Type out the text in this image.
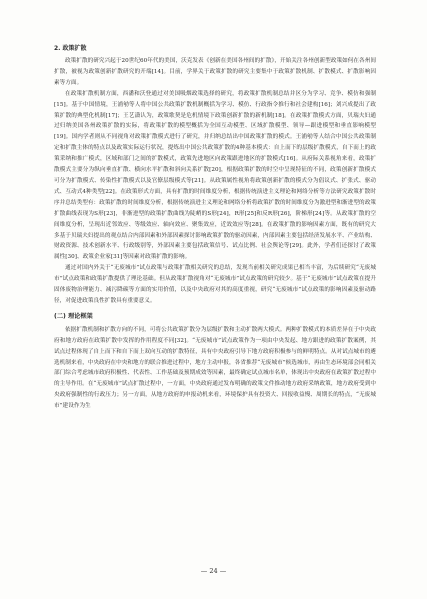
2. 政策扩散

政策扩散的研究兴起于20世纪60年代的美国，沃克发表《创新在美国各州间的扩散》，开始关注各州创新型政策如何在各州间扩散，被视为政策创新扩散研究的开端[14]。目前，学界关于政策扩散的研究主要集中于政策扩散机制、扩散模式、扩散影响因素等方面。

在政策扩散机制方面，西潘和沃登通过对美国吸烟政策选择的研究，将政策扩散机制总结并区分为学习、竞争、模仿和强制[15]。基于中国情境，王浦劬等人将中国公共政策扩散机制概括为学习、模仿、行政指令推行和社会建构[16]；刘兴成提出了政策扩散的典型化机制[17]；王艺潇认为，政策歌契是危机情境下政策创新扩散的新机制[18]。在政策扩散模式方面，贝瑞夫妇通过归纳美国各州政策扩散的实际，将政策扩散的模型概括为全国互动模型、区域扩散模型、领导—跟进模型和垂直影响模型[19]。国内学者则从不同视角对政策扩散模式进行了研究，并归纳总结出中国政策扩散的模式。王浦劬等人结合中国公共政策制定和扩散主体的特点以及政策实际运行状况，提炼出中国公共政策扩散的4种基本模式：自上而下的层级扩散模式，自下而上的政策采纳和推广模式，区域和部门之间的扩散模式，政策先进地区向政策跟进地区的扩散模式[16]。从府际关系视角来看，政策扩散模式主要分为纵向垂直扩散、横向水平扩散和斜向关系扩散[20]，根据政策扩散的时空中呈现特征的不同，政策创新扩散模式可分为扩散模式、传染性扩散模式以及官僚层级模式等[21]。从政策属性视角将政策创新扩散的模式分为倡议式、扩张式、驱动式、互动式4种类型[22]。在政策形式方面，具有扩散的时间维度分析，根据传统演进主义理论和网络分析等方法研究政策扩散时序并总结类型有：政策扩散的时间维度分析，根据传统演进主义理论和网络分析将政策扩散的时间维度分为激进型和渐进型的政策扩散曲线表现为S形[23]，非渐进型的政策扩散曲线为陡峭的S形[24]，R形[25]和反R形[26]，阶梯形[24]等。从政策扩散的空间维度分析，呈现出近邻效应、等级效应、轴向效应、聚集效应，近效效应等[28]。在政策扩散的影响因素方面，既有的研究大多基于贝瑞夫妇提出的观点结合内部因素和外部因素探讨影响政策扩散的驱动因素，内部因素主要包括经济发展水平、产业结构、财政资源、技术创新水平、行政级别等，外部因素主要包括政策信号、试点比例、社会舆论等[29]。此外，学者们还探讨了政策属性[30]、政策企业家[31]等因素对政策扩散的影响。

通过对国内外关于“无废城市”试点政策与政策扩散相关研究的总结，发现当前相关研究成果已相当丰富，为后续研究“无废城市”试点政策和政策扩散提供了理论基础。但从政策扩散视角对“无废城市”试点政策的研究较少。基于“无废城市”试点政策在提升固体废物治理能力、减污降碳等方面的实用价值，以及中央政府对其的高度重视，研究“无废城市”试点政策的影响因素及驱动路径，对促进政策良性扩散具有重要意义。

(二) 理论框架

依据扩散机制和扩散方向的不同，可将公共政策扩散分为层级扩散和主动扩散两大模式。两种扩散模式的本质差异在于中央政府和地方政府在政策扩散中发挥的作用程度不同[32]。“无废城市”试点政策作为一项由中央发起、地方跟进的政策扩散案例，其试点过程体现了自上而下和自下而上双向互动的扩散特征，具有中央政府引导下地方政府积极参与的鲜明特点。从对试点城市的遴选机制来看，中央政府在中央和地方的联合推进过程中，地方主动申报，各省推荐“无废城市”候选城市，再由生态环境部会同相关部门综合考虑城市政府积极性、代表性、工作基础及预期成效等因素，最终确定试点城市名单，体现出中央政府在政策扩散过程中的主导作用。在“无废城市”试点扩散过程中，一方面，中央政府通过发布明确的政策文件推动地方政府采纳政策，地方政府受到中央政府强制性的行政压力；另一方面，从地方政府的申报动机来看，环境保护具有投资大、回报收益慢、周期长的特点，“无废城市”建设作为生

— 24 —
